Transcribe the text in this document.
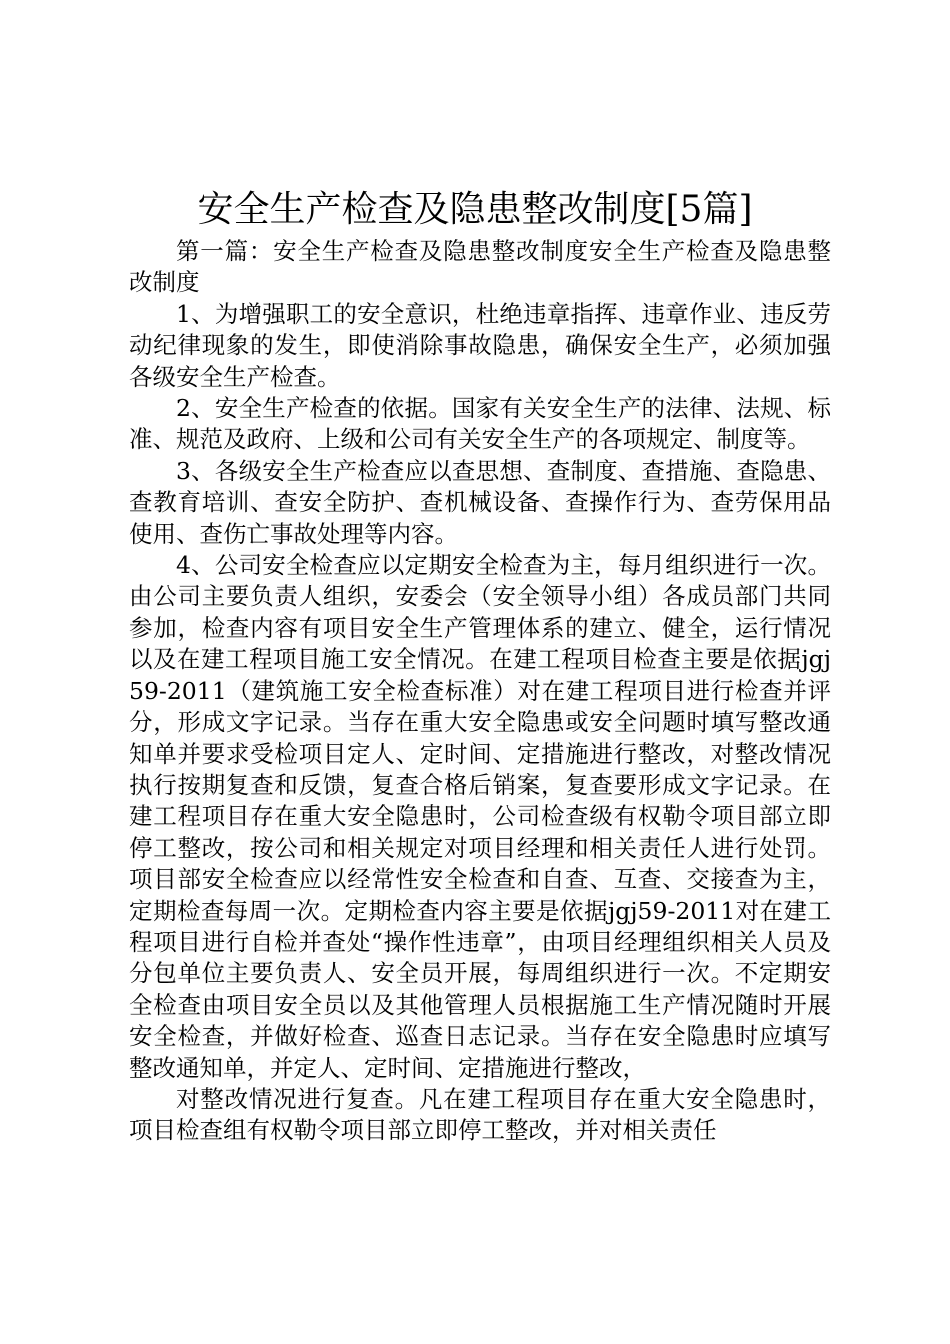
安全生产检查及隐患整改制度[5篇]

第一篇：安全生产检查及隐患整改制度安全生产检查及隐患整改制度

1、为增强职工的安全意识，杜绝违章指挥、违章作业、违反劳动纪律现象的发生，即使消除事故隐患，确保安全生产，必须加强各级安全生产检查。

2、安全生产检查的依据。国家有关安全生产的法律、法规、标准、规范及政府、上级和公司有关安全生产的各项规定、制度等。

3、各级安全生产检查应以查思想、查制度、查措施、查隐患、查教育培训、查安全防护、查机械设备、查操作行为、查劳保用品使用、查伤亡事故处理等内容。

4、公司安全检查应以定期安全检查为主，每月组织进行一次。由公司主要负责人组织，安委会（安全领导小组）各成员部门共同参加，检查内容有项目安全生产管理体系的建立、健全，运行情况以及在建工程项目施工安全情况。在建工程项目检查主要是依据jgj59-2011（建筑施工安全检查标准）对在建工程项目进行检查并评分，形成文字记录。当存在重大安全隐患或安全问题时填写整改通知单并要求受检项目定人、定时间、定措施进行整改，对整改情况执行按期复查和反馈，复查合格后销案，复查要形成文字记录。在建工程项目存在重大安全隐患时，公司检查级有权勒令项目部立即停工整改，按公司和相关规定对项目经理和相关责任人进行处罚。项目部安全检查应以经常性安全检查和自查、互查、交接查为主，定期检查每周一次。定期检查内容主要是依据jgj59-2011对在建工程项目进行自检并查处“操作性违章”，由项目经理组织相关人员及分包单位主要负责人、安全员开展，每周组织进行一次。不定期安全检查由项目安全员以及其他管理人员根据施工生产情况随时开展安全检查，并做好检查、巡查日志记录。当存在安全隐患时应填写整改通知单，并定人、定时间、定措施进行整改，

对整改情况进行复查。凡在建工程项目存在重大安全隐患时，项目检查组有权勒令项目部立即停工整改，并对相关责任
